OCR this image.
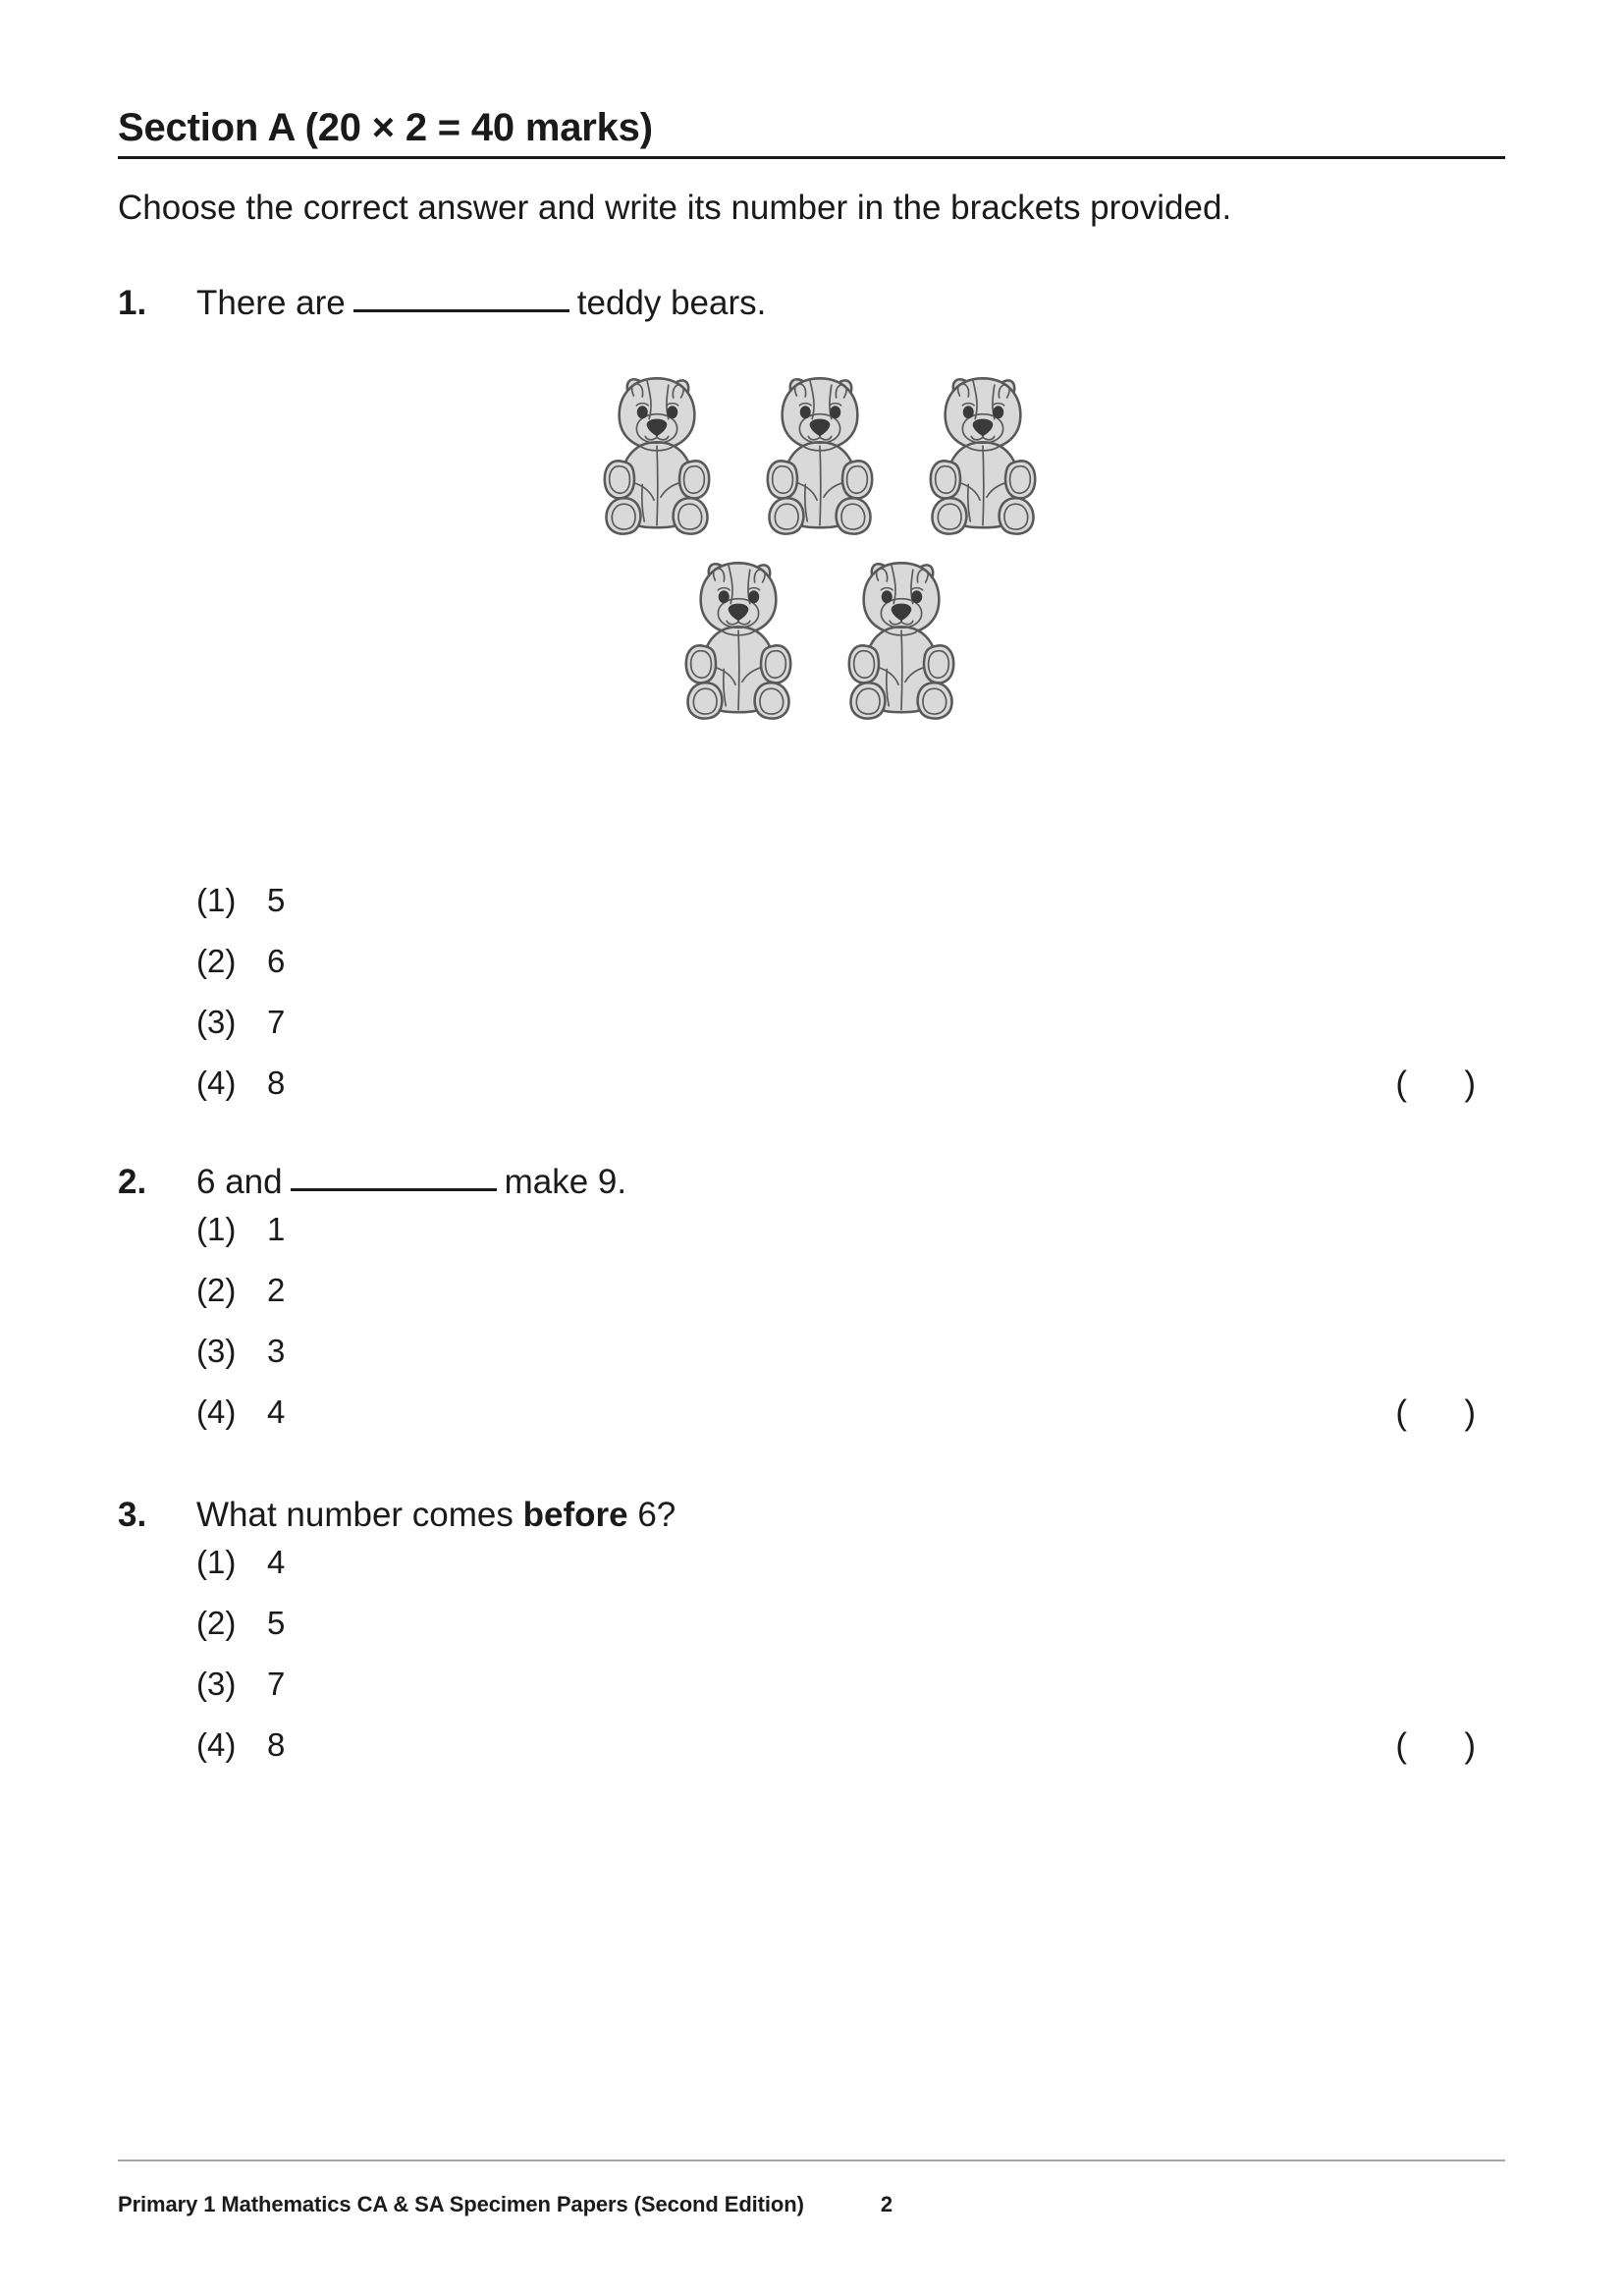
Section A (20 × 2 = 40 marks)
Choose the correct answer and write its number in the brackets provided.
1.	There are	teddy bears.
(1) 5
(2) 6
(3) 7
(4) 8	(      )
2.	6 and	make 9.
(1) 1
(2) 2
(3) 3
(4) 4	(      )
3.	What number comes before 6?
(1) 4
(2) 5
(3) 7
(4) 8	(      )
Primary 1 Mathematics CA & SA Specimen Papers (Second Edition)	2
